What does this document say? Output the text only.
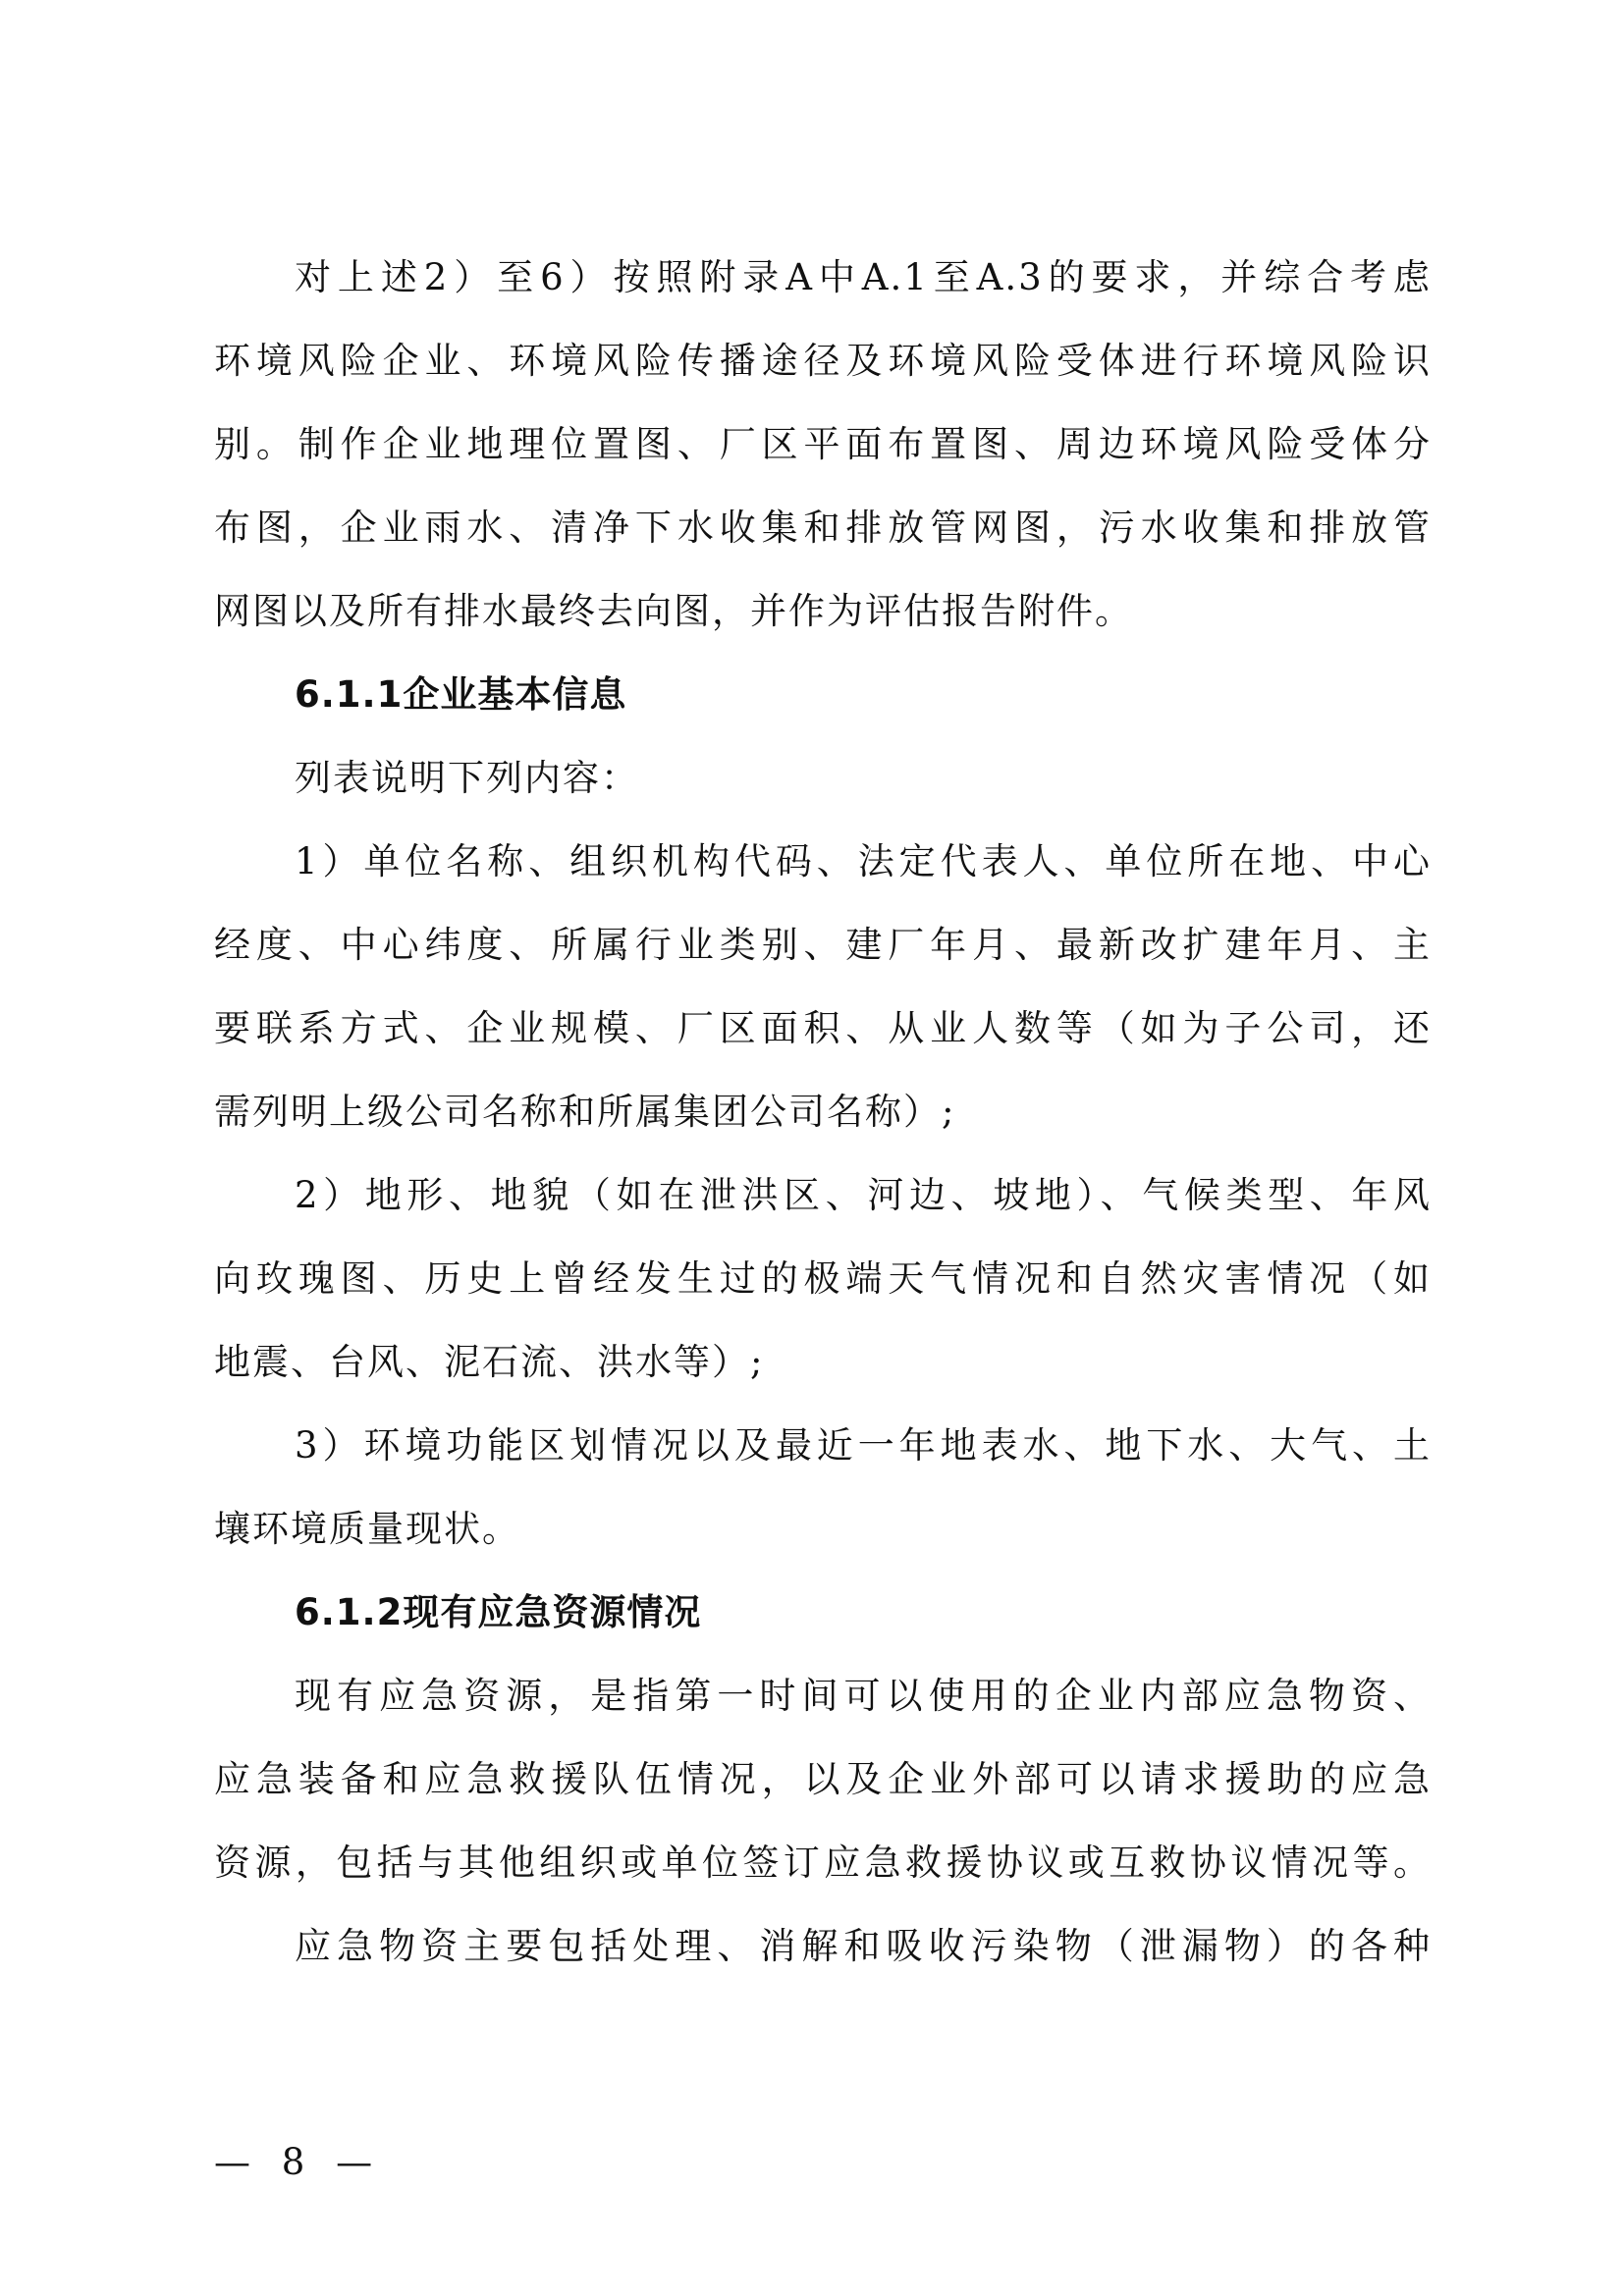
对上述2）至6）按照附录A中A.1至A.3的要求，并综合考虑
环境风险企业、环境风险传播途径及环境风险受体进行环境风险识
别。制作企业地理位置图、厂区平面布置图、周边环境风险受体分
布图，企业雨水、清净下水收集和排放管网图，污水收集和排放管
网图以及所有排水最终去向图，并作为评估报告附件。
6.1.1企业基本信息
列表说明下列内容：
1）单位名称、组织机构代码、法定代表人、单位所在地、中心
经度、中心纬度、所属行业类别、建厂年月、最新改扩建年月、主
要联系方式、企业规模、厂区面积、从业人数等（如为子公司，还
需列明上级公司名称和所属集团公司名称）;
2）地形、地貌（如在泄洪区、河边、坡地）、气候类型、年风
向玫瑰图、历史上曾经发生过的极端天气情况和自然灾害情况（如
地震、台风、泥石流、洪水等）;
3）环境功能区划情况以及最近一年地表水、地下水、大气、土
壤环境质量现状。
6.1.2现有应急资源情况
现有应急资源，是指第一时间可以使用的企业内部应急物资、
应急装备和应急救援队伍情况，以及企业外部可以请求援助的应急
资源，包括与其他组织或单位签订应急救援协议或互救协议情况等。
应急物资主要包括处理、消解和吸收污染物（泄漏物）的各种
— 8 —
